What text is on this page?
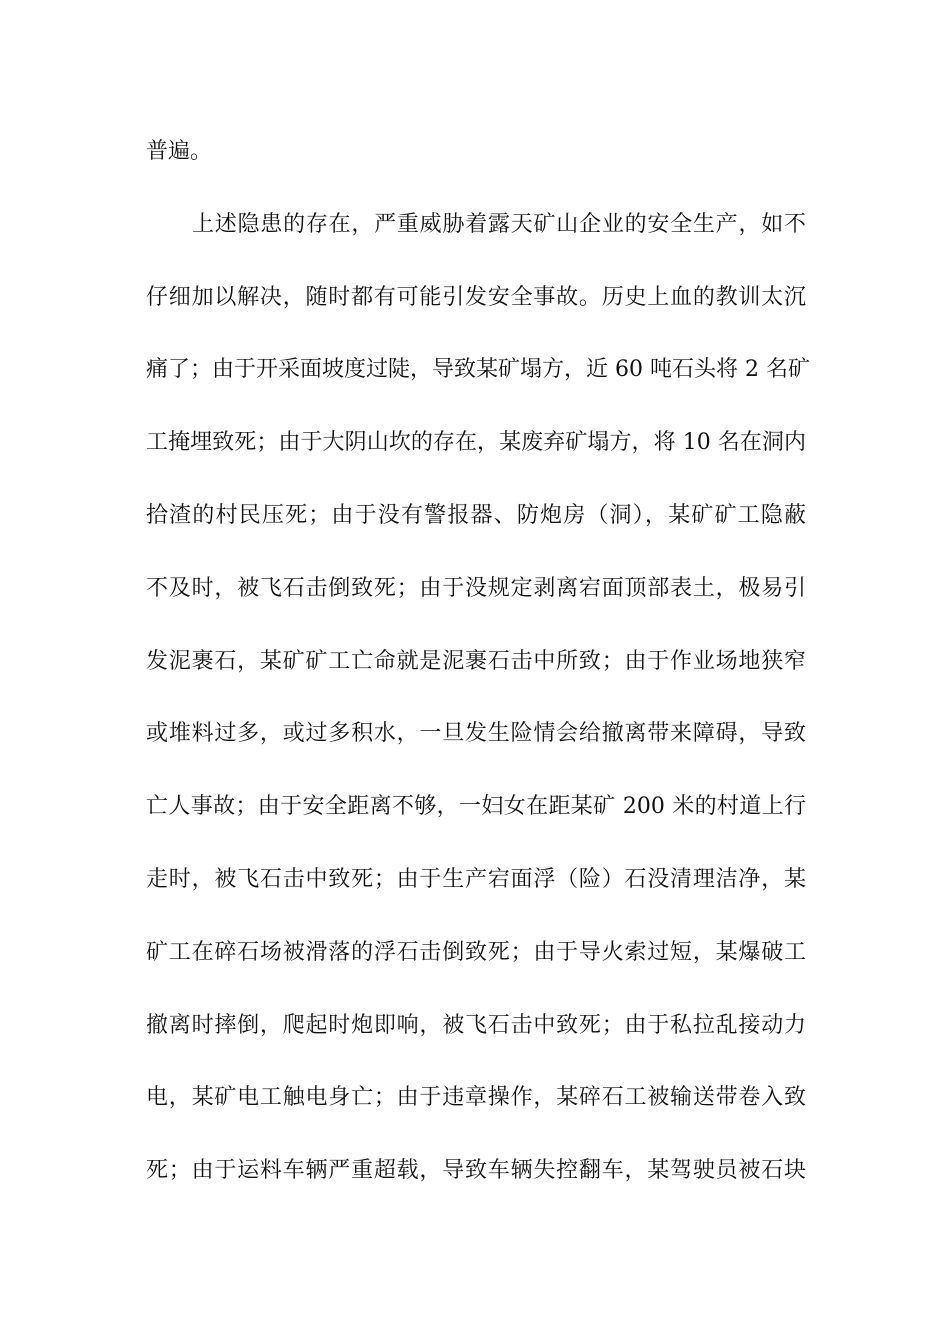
普遍。
上述隐患的存在，严重威胁着露天矿山企业的安全生产，如不
仔细加以解决，随时都有可能引发安全事故。历史上血的教训太沉
痛了；由于开采面坡度过陡，导致某矿塌方，近 60 吨石头将 2 名矿
工掩埋致死；由于大阴山坎的存在，某废弃矿塌方，将 10 名在洞内
拾渣的村民压死；由于没有警报器、防炮房（洞），某矿矿工隐蔽
不及时，被飞石击倒致死；由于没规定剥离宕面顶部表土，极易引
发泥裹石，某矿矿工亡命就是泥裹石击中所致；由于作业场地狭窄
或堆料过多，或过多积水，一旦发生险情会给撤离带来障碍，导致
亡人事故；由于安全距离不够，一妇女在距某矿 200 米的村道上行
走时，被飞石击中致死；由于生产宕面浮（险）石没清理洁净，某
矿工在碎石场被滑落的浮石击倒致死；由于导火索过短，某爆破工
撤离时摔倒，爬起时炮即响，被飞石击中致死；由于私拉乱接动力
电，某矿电工触电身亡；由于违章操作，某碎石工被输送带卷入致
死；由于运料车辆严重超载，导致车辆失控翻车，某驾驶员被石块
